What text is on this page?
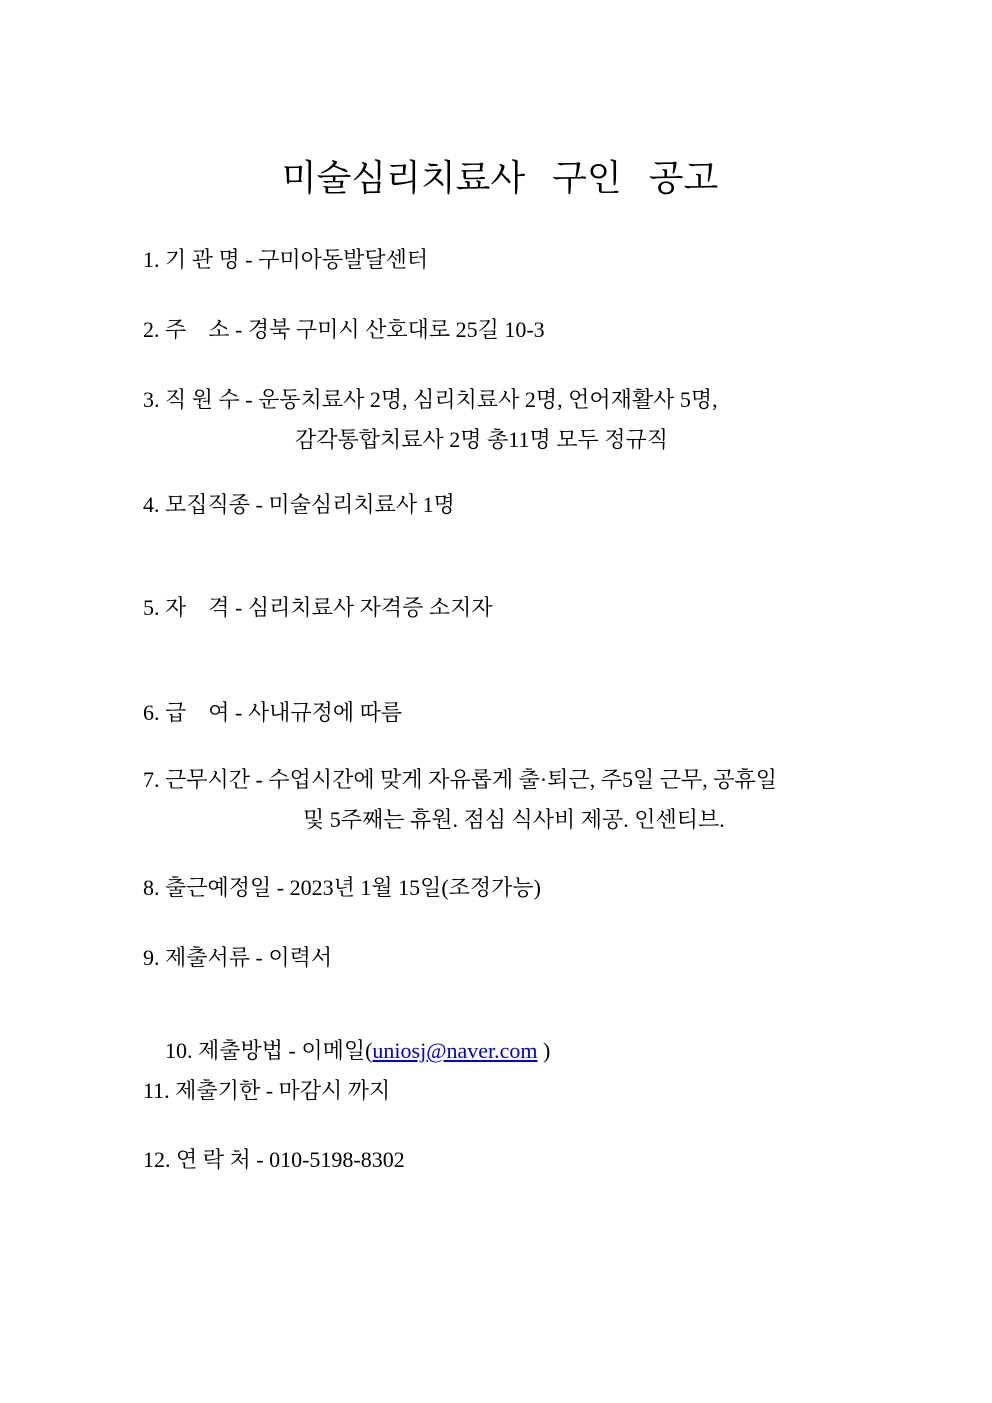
미술심리치료사 구인 공고
1. 기 관 명 - 구미아동발달센터
2. 주    소 - 경북 구미시 산호대로 25길 10-3
3. 직 원 수 - 운동치료사 2명, 심리치료사 2명, 언어재활사 5명,
감각통합치료사 2명 총11명 모두 정규직
4. 모집직종 - 미술심리치료사 1명
5. 자    격 - 심리치료사 자격증 소지자
6. 급    여 - 사내규정에 따름
7. 근무시간 - 수업시간에 맞게 자유롭게 출·퇴근, 주5일 근무, 공휴일
및 5주째는 휴원. 점심 식사비 제공. 인센티브.
8. 출근예정일 - 2023년 1월 15일(조정가능)
9. 제출서류 - 이력서

10. 제출방법 - 이메일(uniosj@naver.com )

11. 제출기한 - 마감시 까지
12. 연 락 처 - 010-5198-8302
